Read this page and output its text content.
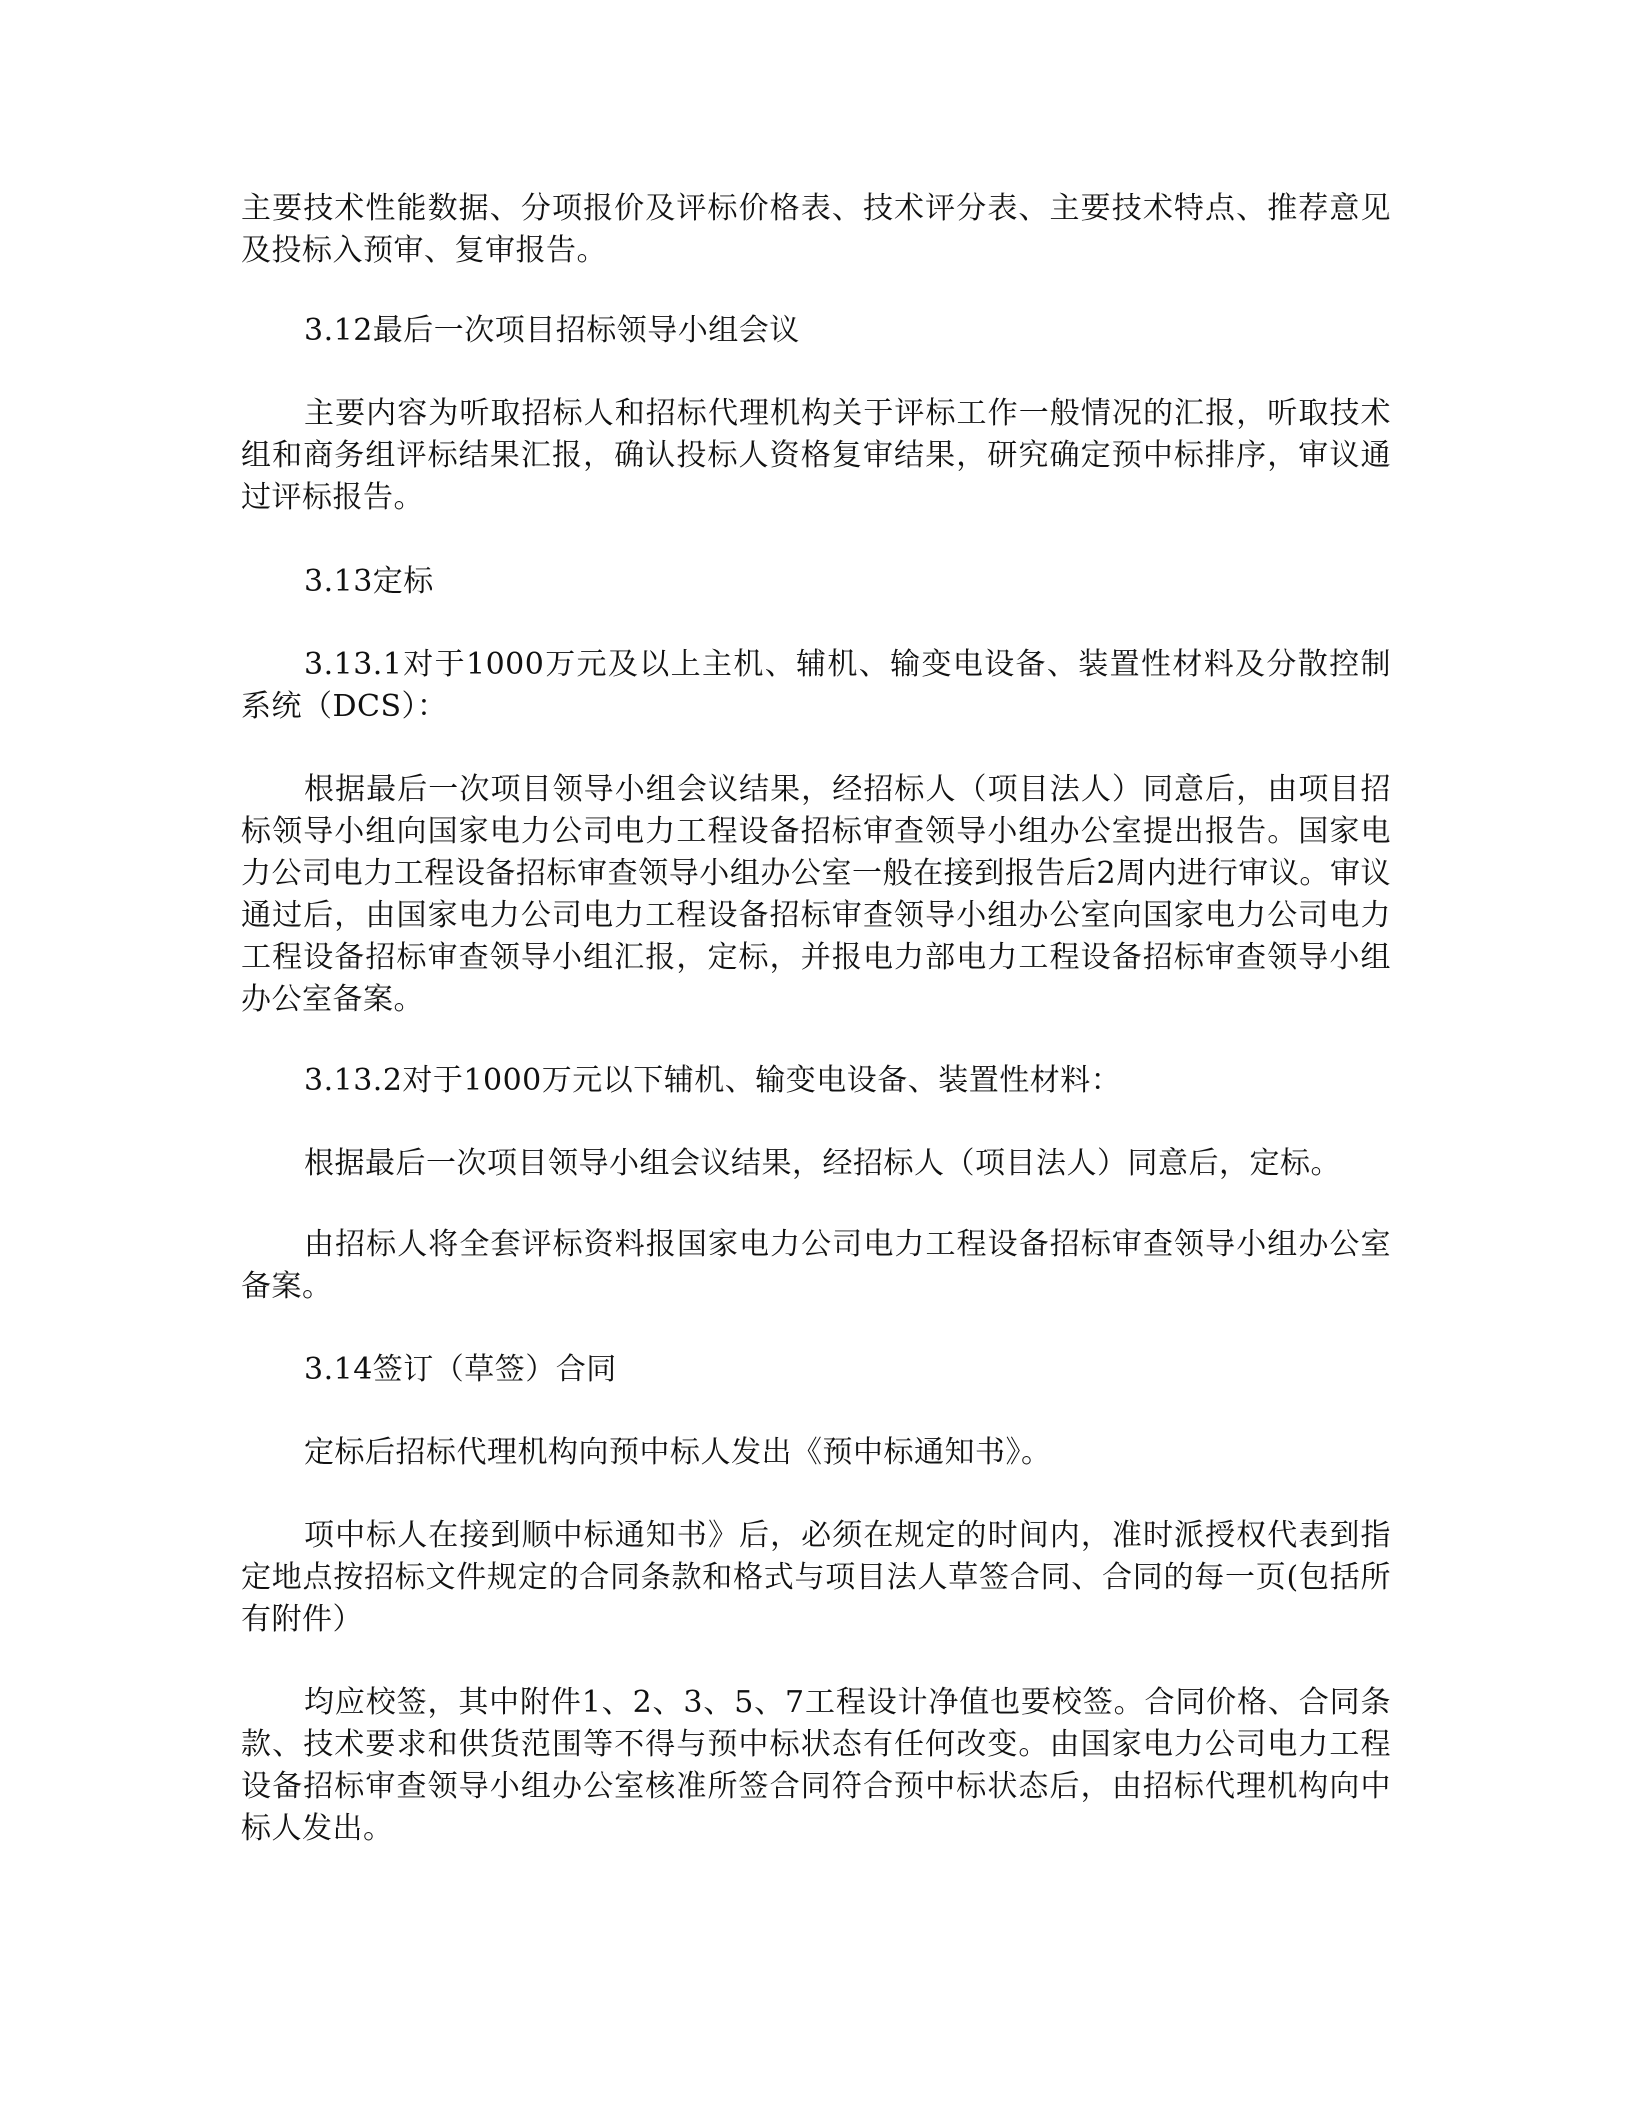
主要技术性能数据、分项报价及评标价格表、技术评分表、主要技术特点、推荐意见及投标入预审、复审报告。

3.12最后一次项目招标领导小组会议

主要内容为听取招标人和招标代理机构关于评标工作一般情况的汇报，听取技术组和商务组评标结果汇报，确认投标人资格复审结果，研究确定预中标排序，审议通过评标报告。

3.13定标

3.13.1对于1000万元及以上主机、辅机、输变电设备、装置性材料及分散控制系统（DCS）：

根据最后一次项目领导小组会议结果，经招标人（项目法人）同意后，由项目招标领导小组向国家电力公司电力工程设备招标审查领导小组办公室提出报告。国家电力公司电力工程设备招标审查领导小组办公室一般在接到报告后2周内进行审议。审议通过后，由国家电力公司电力工程设备招标审查领导小组办公室向国家电力公司电力工程设备招标审查领导小组汇报，定标，并报电力部电力工程设备招标审查领导小组办公室备案。

3.13.2对于1000万元以下辅机、输变电设备、装置性材料：

根据最后一次项目领导小组会议结果，经招标人（项目法人）同意后，定标。

由招标人将全套评标资料报国家电力公司电力工程设备招标审查领导小组办公室备案。

3.14签订（草签）合同

定标后招标代理机构向预中标人发出《预中标通知书》。

项中标人在接到顺中标通知书》后，必须在规定的时间内，准时派授权代表到指定地点按招标文件规定的合同条款和格式与项目法人草签合同、合同的每一页(包括所有附件）

均应校签，其中附件1、2、3、5、7工程设计净值也要校签。合同价格、合同条款、技术要求和供货范围等不得与预中标状态有任何改变。由国家电力公司电力工程设备招标审查领导小组办公室核准所签合同符合预中标状态后，由招标代理机构向中标人发出。
